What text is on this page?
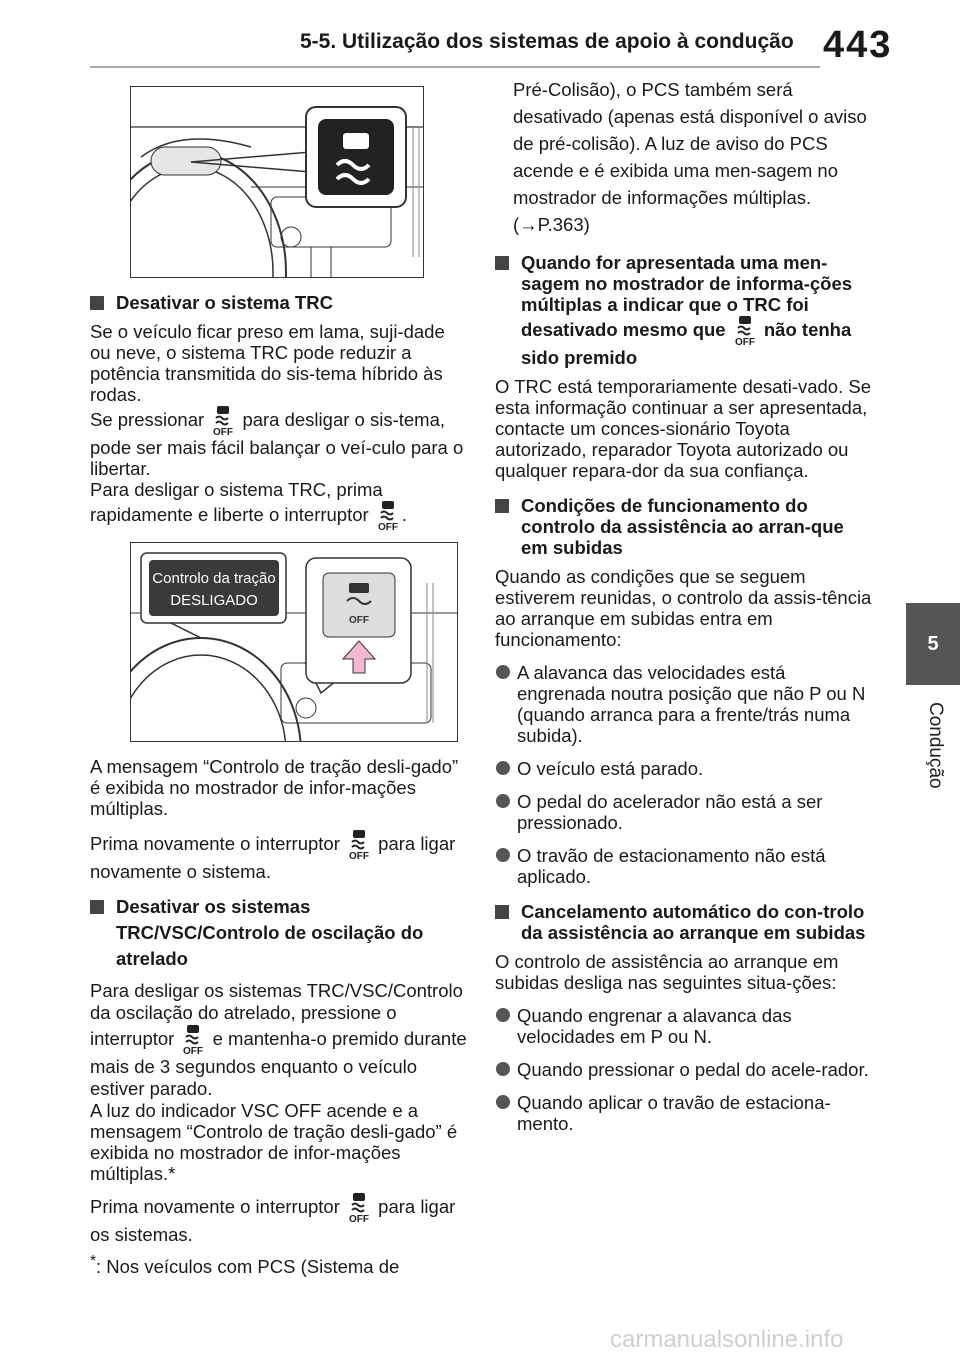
5-5. Utilização dos sistemas de apoio à condução 443
5
Condução

Desativar o sistema TRC

Se o veículo ficar preso em lama, suji-dade ou neve, o sistema TRC pode reduzir a potência transmitida do sis-tema híbrido às rodas.

Se pressionar para desligar o sis-tema, pode ser mais fácil balançar o veí-culo para o libertar.

Para desligar o sistema TRC, prima rapidamente e liberte o interruptor .

Controlo da tração
DESLIGADO
OFF

A mensagem “Controlo de tração desli-gado” é exibida no mostrador de infor-mações múltiplas.

Prima novamente o interruptor para ligar novamente o sistema.

Desativar os sistemas TRC/VSC/Controlo de oscilação do atrelado

Para desligar os sistemas TRC/VSC/Controlo da oscilação do atrelado, pressione o interruptor e mantenha-o premido durante mais de 3 segundos enquanto o veículo estiver parado.

A luz do indicador VSC OFF acende e a mensagem “Controlo de tração desli-gado” é exibida no mostrador de infor-mações múltiplas.*

Prima novamente o interruptor para ligar os sistemas.

*: Nos veículos com PCS (Sistema de

Pré-Colisão), o PCS também será desativado (apenas está disponível o aviso de pré-colisão). A luz de aviso do PCS acende e é exibida uma men-sagem no mostrador de informações múltiplas. (→P.363)

Quando for apresentada uma men-sagem no mostrador de informa-ções múltiplas a indicar que o TRC foi desativado mesmo que não tenha sido premido

O TRC está temporariamente desati-vado. Se esta informação continuar a ser apresentada, contacte um conces-sionário Toyota autorizado, reparador Toyota autorizado ou qualquer repara-dor da sua confiança.

Condições de funcionamento do controlo da assistência ao arran-que em subidas

Quando as condições que se seguem estiverem reunidas, o controlo da assis-tência ao arranque em subidas entra em funcionamento:

A alavanca das velocidades está engrenada noutra posição que não P ou N (quando arranca para a frente/trás numa subida).

O veículo está parado.

O pedal do acelerador não está a ser pressionado.

O travão de estacionamento não está aplicado.

Cancelamento automático do con-trolo da assistência ao arranque em subidas

O controlo de assistência ao arranque em subidas desliga nas seguintes situa-ções:

Quando engrenar a alavanca das velocidades em P ou N.

Quando pressionar o pedal do acele-rador.

Quando aplicar o travão de estaciona-mento.

carmanualsonline.info
